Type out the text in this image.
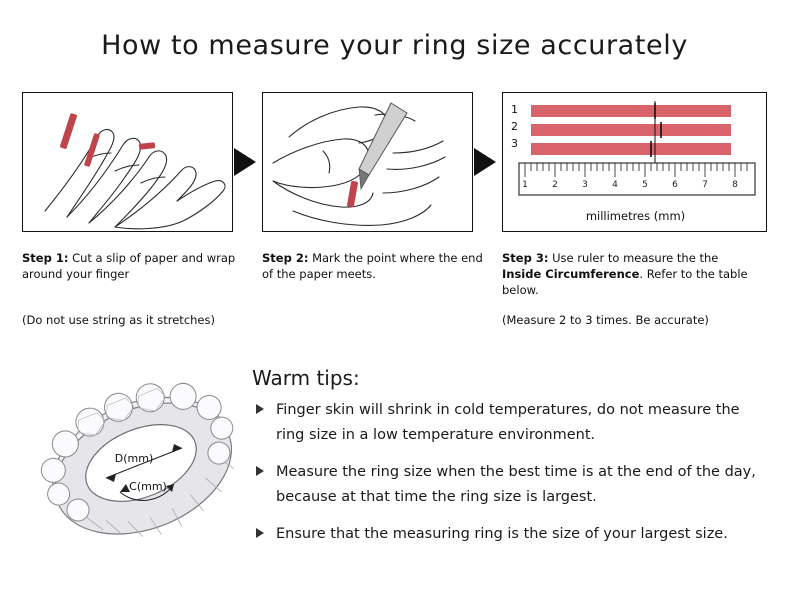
How to measure your ring size accurately
1	2	3	4	5	6	7	8
1
2
3
millimetres (mm)
Step 1: Cut a slip of paper and wrap around your finger
(Do not use string as it stretches)
Step 2: Mark the point where the end of the paper meets.
Step 3: Use ruler to measure the the Inside Circumference. Refer to the table below.
(Measure 2 to 3 times. Be accurate)
D(mm)
C(mm)
Warm tips:
Finger skin will shrink in cold temperatures, do not measure the ring size in a low temperature environment.
Measure the ring size when the best time is at the end of the day, because at that time the ring size is largest.
Ensure that the measuring ring is the size of your largest size.
